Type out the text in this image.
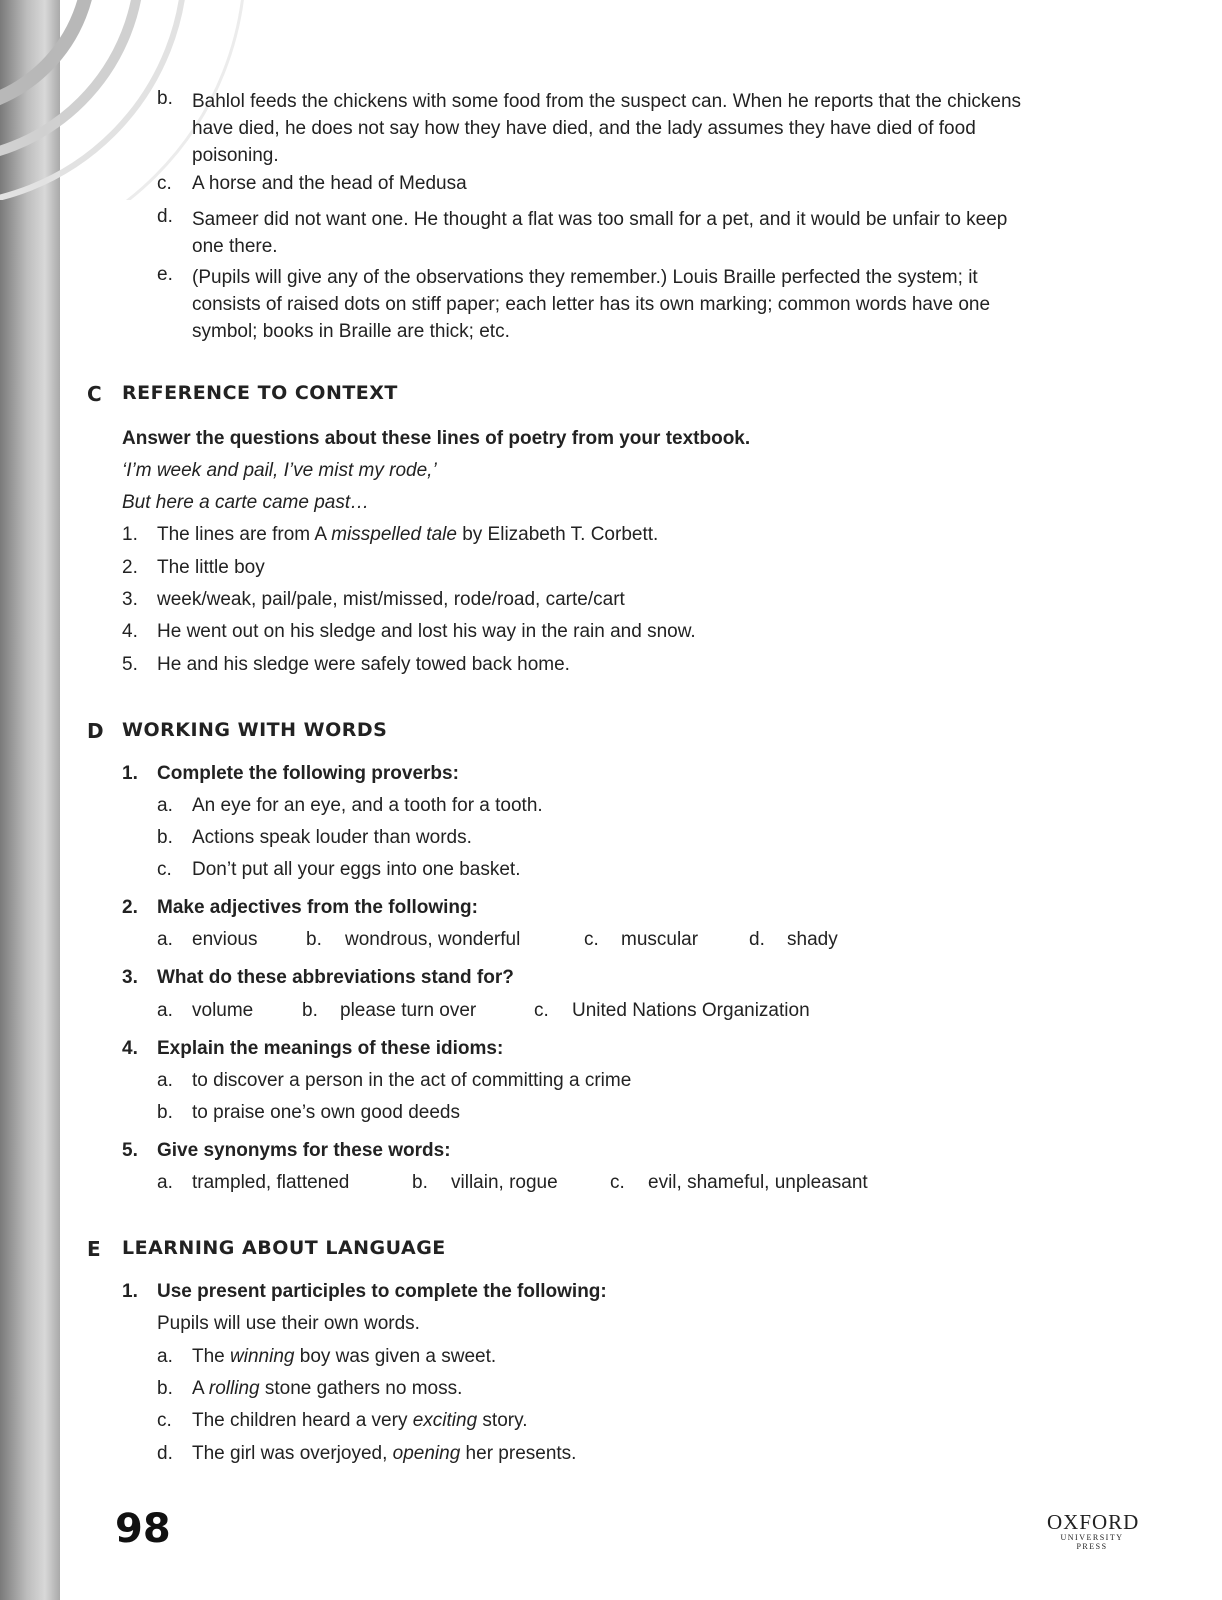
b. Bahlol feeds the chickens with some food from the suspect can. When he reports that the chickens
have died, he does not say how they have died, and the lady assumes they have died of food
poisoning.
c. A horse and the head of Medusa
d. Sameer did not want one. He thought a flat was too small for a pet, and it would be unfair to keep
one there.
e. (Pupils will give any of the observations they remember.) Louis Braille perfected the system; it
consists of raised dots on stiff paper; each letter has its own marking; common words have one
symbol; books in Braille are thick; etc.
C REFERENCE TO CONTEXT
Answer the questions about these lines of poetry from your textbook.
‘I’m week and pail, I’ve mist my rode,’
But here a carte came past…
1. The lines are from A misspelled tale by Elizabeth T. Corbett.
2. The little boy
3. week/weak, pail/pale, mist/missed, rode/road, carte/cart
4. He went out on his sledge and lost his way in the rain and snow.
5. He and his sledge were safely towed back home.
D WORKING WITH WORDS
1. Complete the following proverbs:
a. An eye for an eye, and a tooth for a tooth.
b. Actions speak louder than words.
c. Don’t put all your eggs into one basket.
2. Make adjectives from the following:
a. envious	b. wondrous, wonderful	c. muscular	d. shady
3. What do these abbreviations stand for?
a. volume	b. please turn over	c. United Nations Organization
4. Explain the meanings of these idioms:
a. to discover a person in the act of committing a crime
b. to praise one’s own good deeds
5. Give synonyms for these words:
a. trampled, flattened	b. villain, rogue	c. evil, shameful, unpleasant
E LEARNING ABOUT LANGUAGE
1. Use present participles to complete the following:
Pupils will use their own words.
a. The winning boy was given a sweet.
b. A rolling stone gathers no moss.
c. The children heard a very exciting story.
d. The girl was overjoyed, opening her presents.
98	OXFORD
UNIVERSITY PRESS
